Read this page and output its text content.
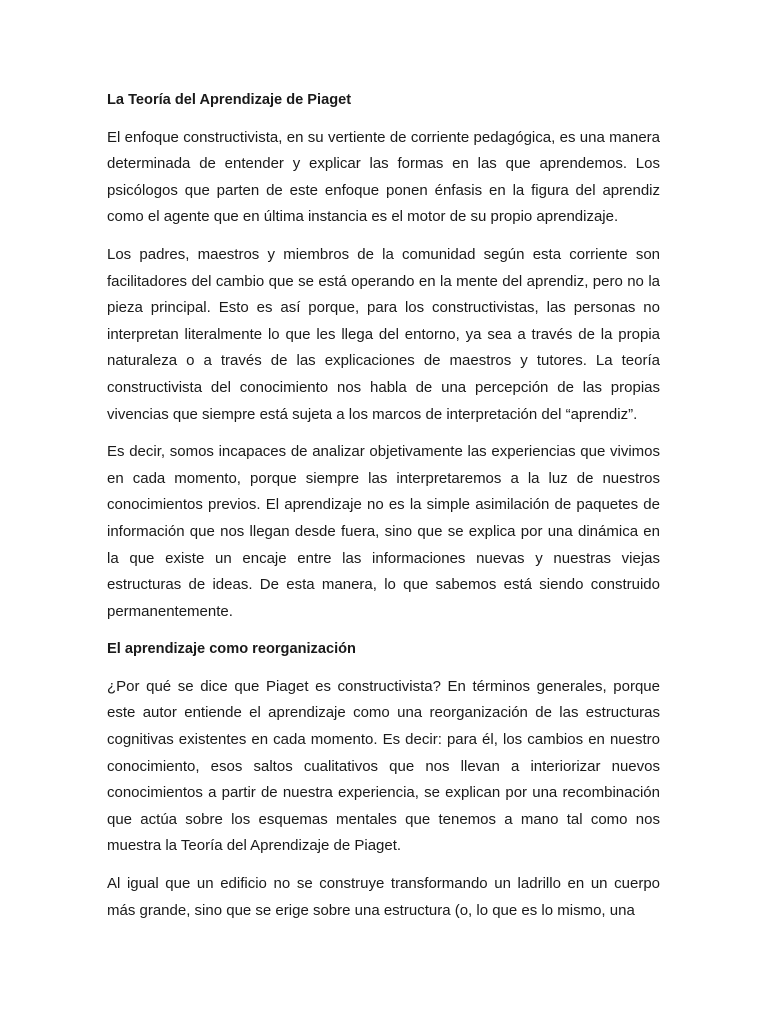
La Teoría del Aprendizaje de Piaget

El enfoque constructivista, en su vertiente de corriente pedagógica, es una manera determinada de entender y explicar las formas en las que aprendemos. Los psicólogos que parten de este enfoque ponen énfasis en la figura del aprendiz como el agente que en última instancia es el motor de su propio aprendizaje.

Los padres, maestros y miembros de la comunidad según esta corriente son facilitadores del cambio que se está operando en la mente del aprendiz, pero no la pieza principal. Esto es así porque, para los constructivistas, las personas no interpretan literalmente lo que les llega del entorno, ya sea a través de la propia naturaleza o a través de las explicaciones de maestros y tutores. La teoría constructivista del conocimiento nos habla de una percepción de las propias vivencias que siempre está sujeta a los marcos de interpretación del “aprendiz”.

Es decir, somos incapaces de analizar objetivamente las experiencias que vivimos en cada momento, porque siempre las interpretaremos a la luz de nuestros conocimientos previos. El aprendizaje no es la simple asimilación de paquetes de información que nos llegan desde fuera, sino que se explica por una dinámica en la que existe un encaje entre las informaciones nuevas y nuestras viejas estructuras de ideas. De esta manera, lo que sabemos está siendo construido permanentemente.

El aprendizaje como reorganización

¿Por qué se dice que Piaget es constructivista? En términos generales, porque este autor entiende el aprendizaje como una reorganización de las estructuras cognitivas existentes en cada momento. Es decir: para él, los cambios en nuestro conocimiento, esos saltos cualitativos que nos llevan a interiorizar nuevos conocimientos a partir de nuestra experiencia, se explican por una recombinación que actúa sobre los esquemas mentales que tenemos a mano tal como nos muestra la Teoría del Aprendizaje de Piaget.

Al igual que un edificio no se construye transformando un ladrillo en un cuerpo más grande, sino que se erige sobre una estructura (o, lo que es lo mismo, una
